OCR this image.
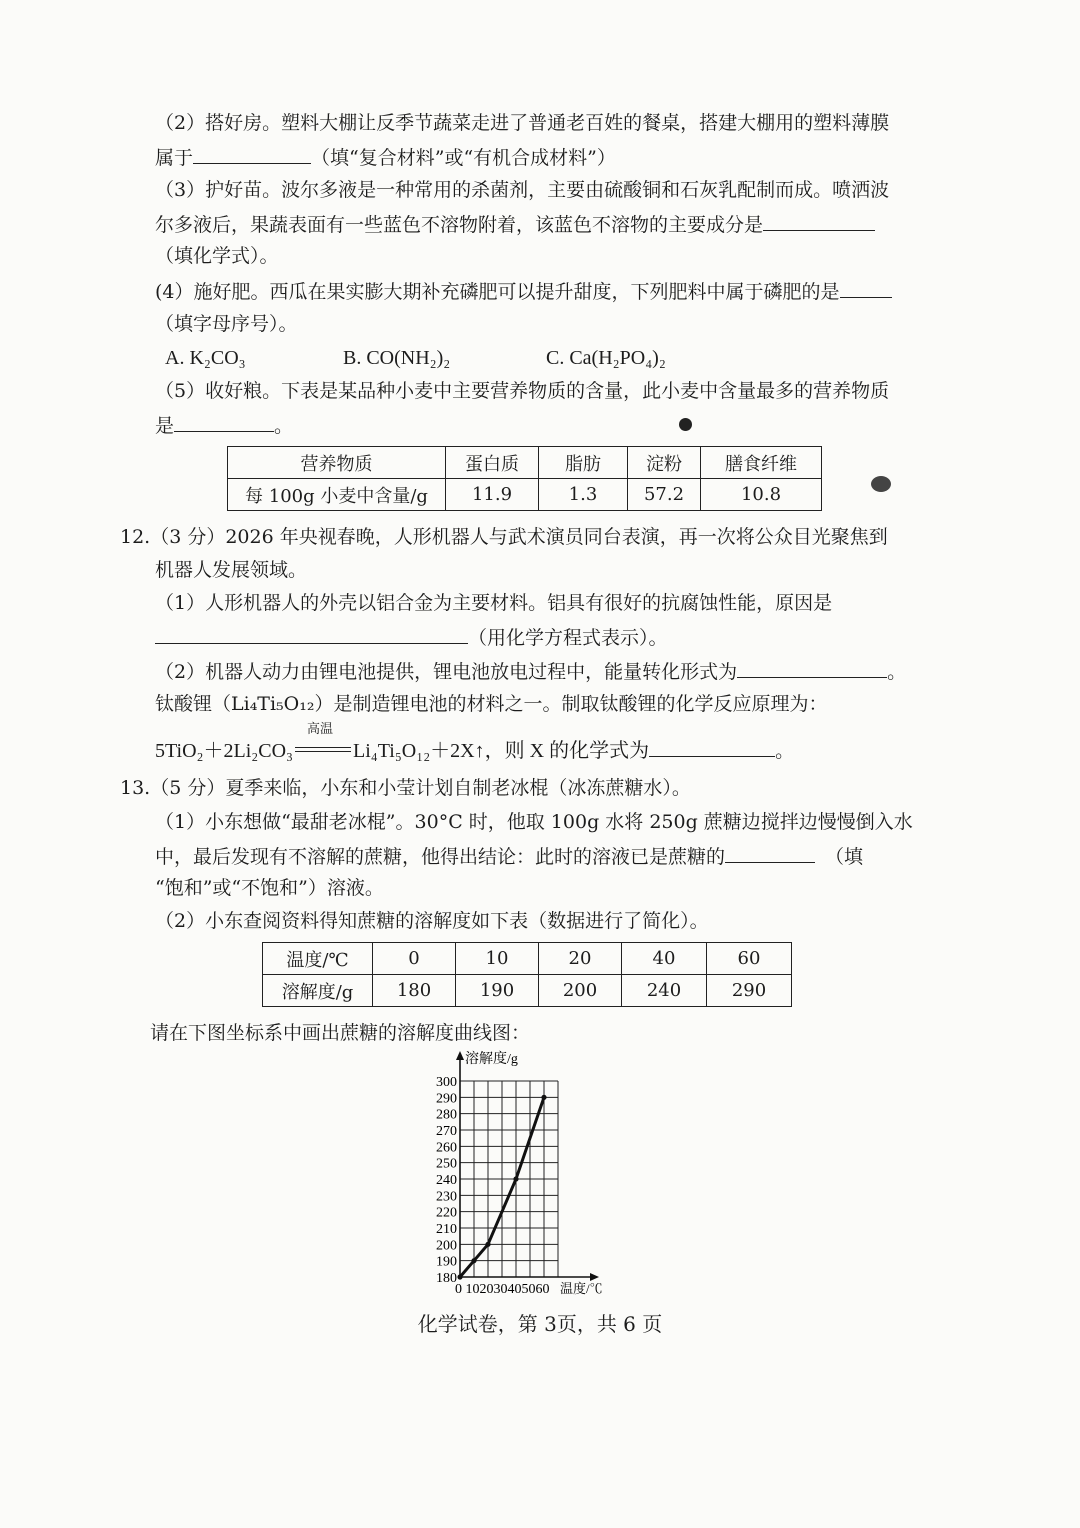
（2）搭好房。塑料大棚让反季节蔬菜走进了普通老百姓的餐桌，搭建大棚用的塑料薄膜
属于	（填“复合材料”或“有机合成材料”）
（3）护好苗。波尔多液是一种常用的杀菌剂，主要由硫酸铜和石灰乳配制而成。喷洒波
尔多液后，果蔬表面有一些蓝色不溶物附着，该蓝色不溶物的主要成分是
（填化学式）。
(4）施好肥。西瓜在果实膨大期补充磷肥可以提升甜度，下列肥料中属于磷肥的是
（填字母序号）。
A. K₂CO₃	B. CO(NH₂)₂	C. Ca(H₂PO₄)₂
（5）收好粮。下表是某品种小麦中主要营养物质的含量，此小麦中含量最多的营养物质
是	。
营养物质	蛋白质	脂肪	淀粉	膳食纤维
每 100g 小麦中含量/g	11.9	1.3	57.2	10.8
12.（3 分）2026 年央视春晚，人形机器人与武术演员同台表演，再一次将公众目光聚焦到
机器人发展领域。
（1）人形机器人的外壳以铝合金为主要材料。铝具有很好的抗腐蚀性能，原因是
（用化学方程式表示）。
（2）机器人动力由锂电池提供，锂电池放电过程中，能量转化形式为	。
钛酸锂（Li₄Ti₅O₁₂）是制造锂电池的材料之一。制取钛酸锂的化学反应原理为：
5TiO₂＋2Li₂CO₃
高温
Li₄Ti₅O₁₂＋2X↑，则 X 的化学式为	。
13.（5 分）夏季来临，小东和小莹计划自制老冰棍（冰冻蔗糖水）。
（1）小东想做“最甜老冰棍”。30°C 时，他取 100g 水将 250g 蔗糖边搅拌边慢慢倒入水
中，最后发现有不溶解的蔗糖，他得出结论：此时的溶液已是蔗糖的	（填
“饱和”或“不饱和”）溶液。
（2）小东查阅资料得知蔗糖的溶解度如下表（数据进行了简化）。
温度/℃	0	10	20	40	60
溶解度/g	180	190	200	240	290
请在下图坐标系中画出蔗糖的溶解度曲线图：
溶解度/g
温度/℃
0 102030405060
180
190
200
210
220
230
240
250
260
270
280
290
300
化学试卷，第 3页，共 6 页
